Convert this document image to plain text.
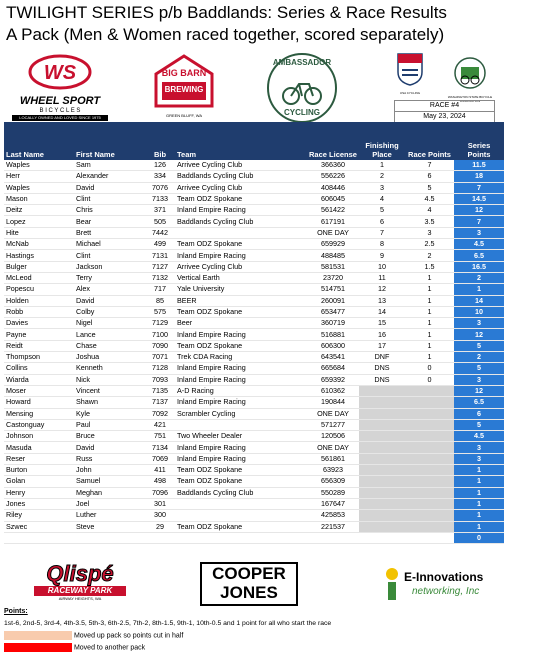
TWILIGHT SERIES p/b Baddlands: Series & Race Results
A Pack (Men & Women raced together, scored separately)
WS
WHEEL SPORT
B I C Y C L E S
LOCALLY OWNED AND LOVED SINCE 1975
BIG BARN
BREWING
GREEN BLUFF, WA
AMBASSADOR
CYCLING
USA CYCLING
WASHINGTON STATE BICYCLE ASSOCIATION
RACE #4
May 23, 2024
Last Name	First Name	Bib	Team	Race License	Finishing Place	Race Points	Series Points
Waples	Sam	126	Arrivee Cycling Club	366360	1	7	11.5
Herr	Alexander	334	Baddlands Cycling Club	556226	2	6	18
Waples	David	7076	Arrivee Cycling Club	408446	3	5	7
Mason	Clint	7133	Team ODZ Spokane	606045	4	4.5	14.5
Deitz	Chris	371	Inland Empire Racing	561422	5	4	12
Lopez	Bear	505	Baddlands Cycling Club	617191	6	3.5	7
Hite	Brett	7442		ONE DAY	7	3	3
McNab	Michael	499	Team ODZ Spokane	659929	8	2.5	4.5
Hastings	Clint	7131	Inland Empire Racing	488485	9	2	6.5
Bulger	Jackson	7127	Arrivee Cycling Club	581531	10	1.5	16.5
McLeod	Terry	7132	Vertical Earth	23720	11	1	2
Popescu	Alex	717	Yale University	514751	12	1	1
Holden	David	85	BEER	260091	13	1	14
Robb	Colby	575	Team ODZ Spokane	653477	14	1	10
Davies	Nigel	7129	Beer	360719	15	1	3
Payne	Lance	7100	Inland Empire Racing	516881	16	1	12
Reidt	Chase	7090	Team ODZ Spokane	606300	17	1	5
Thompson	Joshua	7071	Trek CDA Racing	643541	DNF	1	2
Collins	Kenneth	7128	Inland Empire Racing	665684	DNS	0	5
Wiarda	Nick	7093	Inland Empire Racing	659392	DNS	0	3
Moser	Vincent	7135	A-D Racing	610362			12
Howard	Shawn	7137	Inland Empire Racing	190844			6.5
Mensing	Kyle	7092	Scrambler Cycling	ONE DAY			6
Castonguay	Paul	421		571277			5
Johnson	Bruce	751	Two Wheeler Dealer	120506			4.5
Masuda	David	7134	Inland Empire Racing	ONE DAY			3
Reser	Russ	7069	Inland Empire Racing	561861			3
Burton	John	411	Team ODZ Spokane	63923			1
Golan	Samuel	498	Team ODZ Spokane	656309			1
Henry	Meghan	7096	Baddlands Cycling Club	550289			1
Jones	Joel	301		167647			1
Riley	Luther	300		425853			1
Szwec	Steve	29	Team ODZ Spokane	221537			1
							0
Qlispé
RACEWAY PARK
AIRWAY HEIGHTS, WA
COOPER
JONES
E-Innovations
networking, Inc
Points:
1st-6, 2nd-5, 3rd-4, 4th-3.5, 5th-3, 6th-2.5, 7th-2, 8th-1.5, 9th-1, 10th-0.5 and 1 point for all who start the race
Moved up pack so points cut in half
Moved to another pack
